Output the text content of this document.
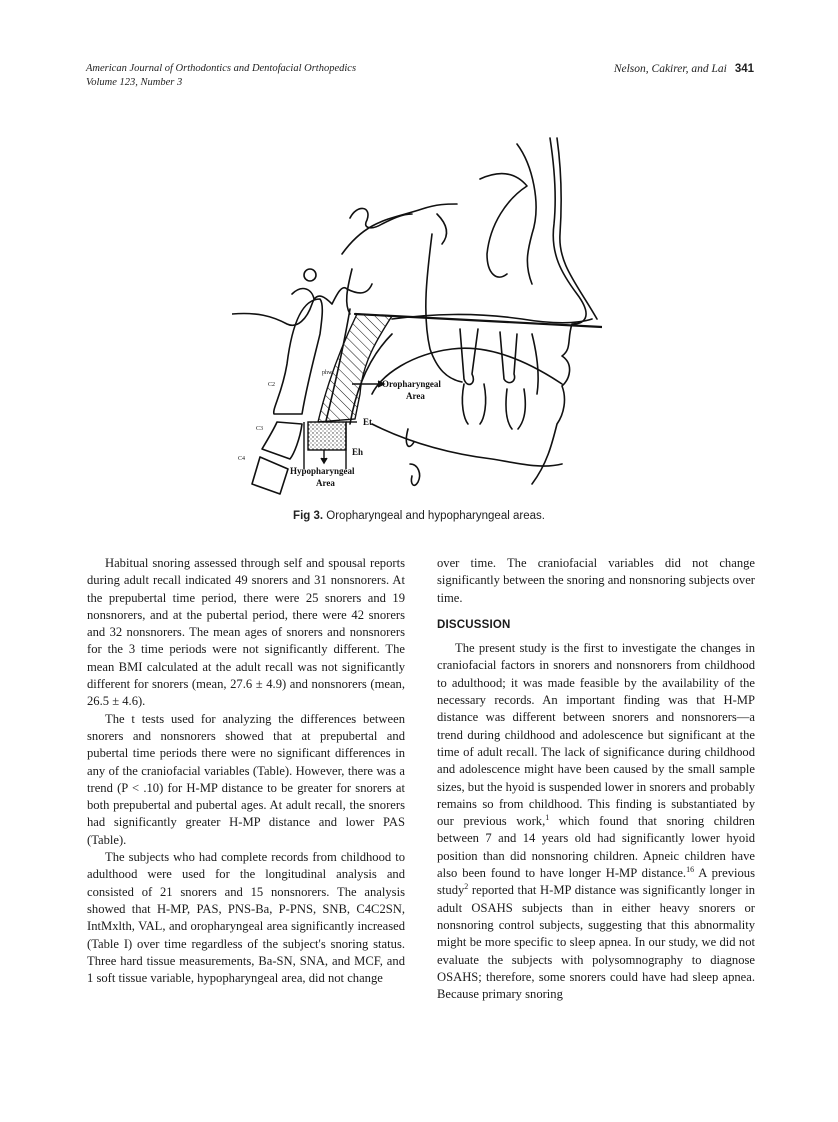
American Journal of Orthodontics and Dentofacial Orthopedics
Volume 123, Number 3
Nelson, Cakirer, and Lai 341
Oropharyngeal
Area
Hypopharyngeal
Area
Et
Eh
phw
C2
C3
C4
Fig 3. Oropharyngeal and hypopharyngeal areas.

Habitual snoring assessed through self and spousal reports during adult recall indicated 49 snorers and 31 nonsnorers. At the prepubertal time period, there were 25 snorers and 19 nonsnorers, and at the pubertal period, there were 42 snorers and 32 nonsnorers. The mean ages of snorers and nonsnorers for the 3 time periods were not significantly different. The mean BMI calculated at the adult recall was not significantly different for snorers (mean, 27.6 ± 4.9) and nonsnorers (mean, 26.5 ± 4.6).

The t tests used for analyzing the differences between snorers and nonsnorers showed that at prepubertal and pubertal time periods there were no significant differences in any of the craniofacial variables (Table). However, there was a trend (P < .10) for H-MP distance to be greater for snorers at both prepubertal and pubertal ages. At adult recall, the snorers had significantly greater H-MP distance and lower PAS (Table).

The subjects who had complete records from childhood to adulthood were used for the longitudinal analysis and consisted of 21 snorers and 15 nonsnorers. The analysis showed that H-MP, PAS, PNS-Ba, P-PNS, SNB, C4C2SN, IntMxlth, VAL, and oropharyngeal area significantly increased (Table I) over time regardless of the subject's snoring status. Three hard tissue measurements, Ba-SN, SNA, and MCF, and 1 soft tissue variable, hypopharyngeal area, did not change

over time. The craniofacial variables did not change significantly between the snoring and nonsnoring subjects over time.

DISCUSSION

The present study is the first to investigate the changes in craniofacial factors in snorers and nonsnorers from childhood to adulthood; it was made feasible by the availability of the necessary records. An important finding was that H-MP distance was different between snorers and nonsnorers—a trend during childhood and adolescence but significant at the time of adult recall. The lack of significance during childhood and adolescence might have been caused by the small sample sizes, but the hyoid is suspended lower in snorers and probably remains so from childhood. This finding is substantiated by our previous work,$^1$ which found that snoring children between 7 and 14 years old had significantly lower hyoid position than did nonsnoring children. Apneic children have also been found to have longer H-MP distance.$^{16}$ A previous study$^2$ reported that H-MP distance was significantly longer in adult OSAHS subjects than in either heavy snorers or nonsnoring control subjects, suggesting that this abnormality might be more specific to sleep apnea. In our study, we did not evaluate the subjects with polysomnography to diagnose OSAHS; therefore, some snorers could have had sleep apnea. Because primary snoring
